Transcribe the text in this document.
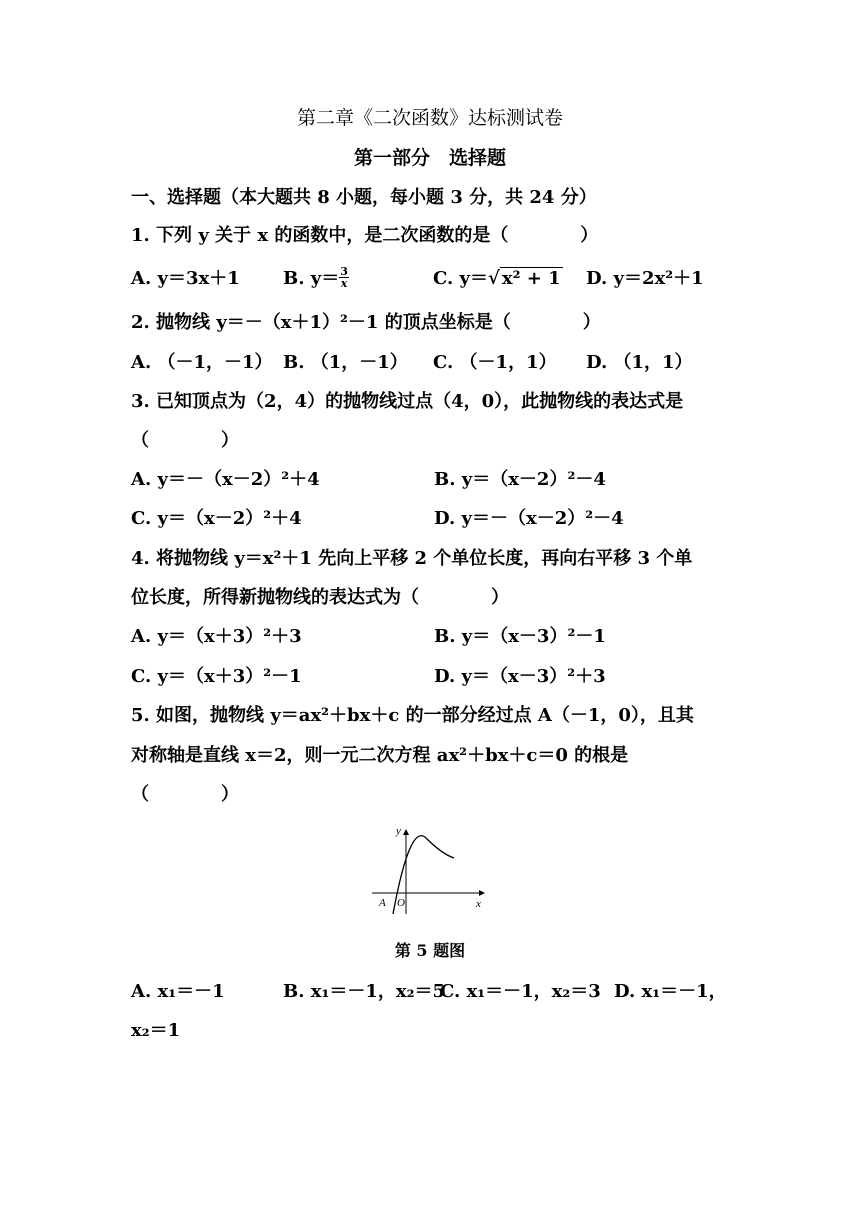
第二章《二次函数》达标测试卷
第一部分　选择题
一、选择题（本大题共 8 小题，每小题 3 分，共 24 分）
1. 下列 y 关于 x 的函数中，是二次函数的是（　　　　）
A. y＝3x＋1 B. $y= \frac{3}{x}$	C. y＝√ x² + 1 D. y＝2x²＋1
2. 抛物线 y＝－（x＋1）²－1 的顶点坐标是（　　　　）
A. （－1，－1） B. （1，－1） C. （－1，1） D. （1，1）
3. 已知顶点为（2，4）的抛物线过点（4，0），此抛物线的表达式是
（　　　　）
A. y＝－（x－2）²＋4	B. y＝（x－2）²－4
C. y＝（x－2）²＋4	D. y＝－（x－2）²－4
4. 将抛物线 y＝x²＋1 先向上平移 2 个单位长度，再向右平移 3 个单
位长度，所得新抛物线的表达式为（　　　　）
A. y＝（x＋3）²＋3	B. y＝（x－3）²－1
C. y＝（x＋3）²－1	D. y＝（x－3）²＋3
5. 如图，抛物线 y＝ax²＋bx＋c 的一部分经过点 A（－1，0），且其
对称轴是直线 x＝2，则一元二次方程 ax²＋bx＋c＝0 的根是
（　　　　）
y
x
O
A
第 5 题图
A. x₁＝－1	B. x₁＝－1，x₂＝5
C. x₁＝－1，x₂＝3 D. x₁＝－1，
x₂＝1
